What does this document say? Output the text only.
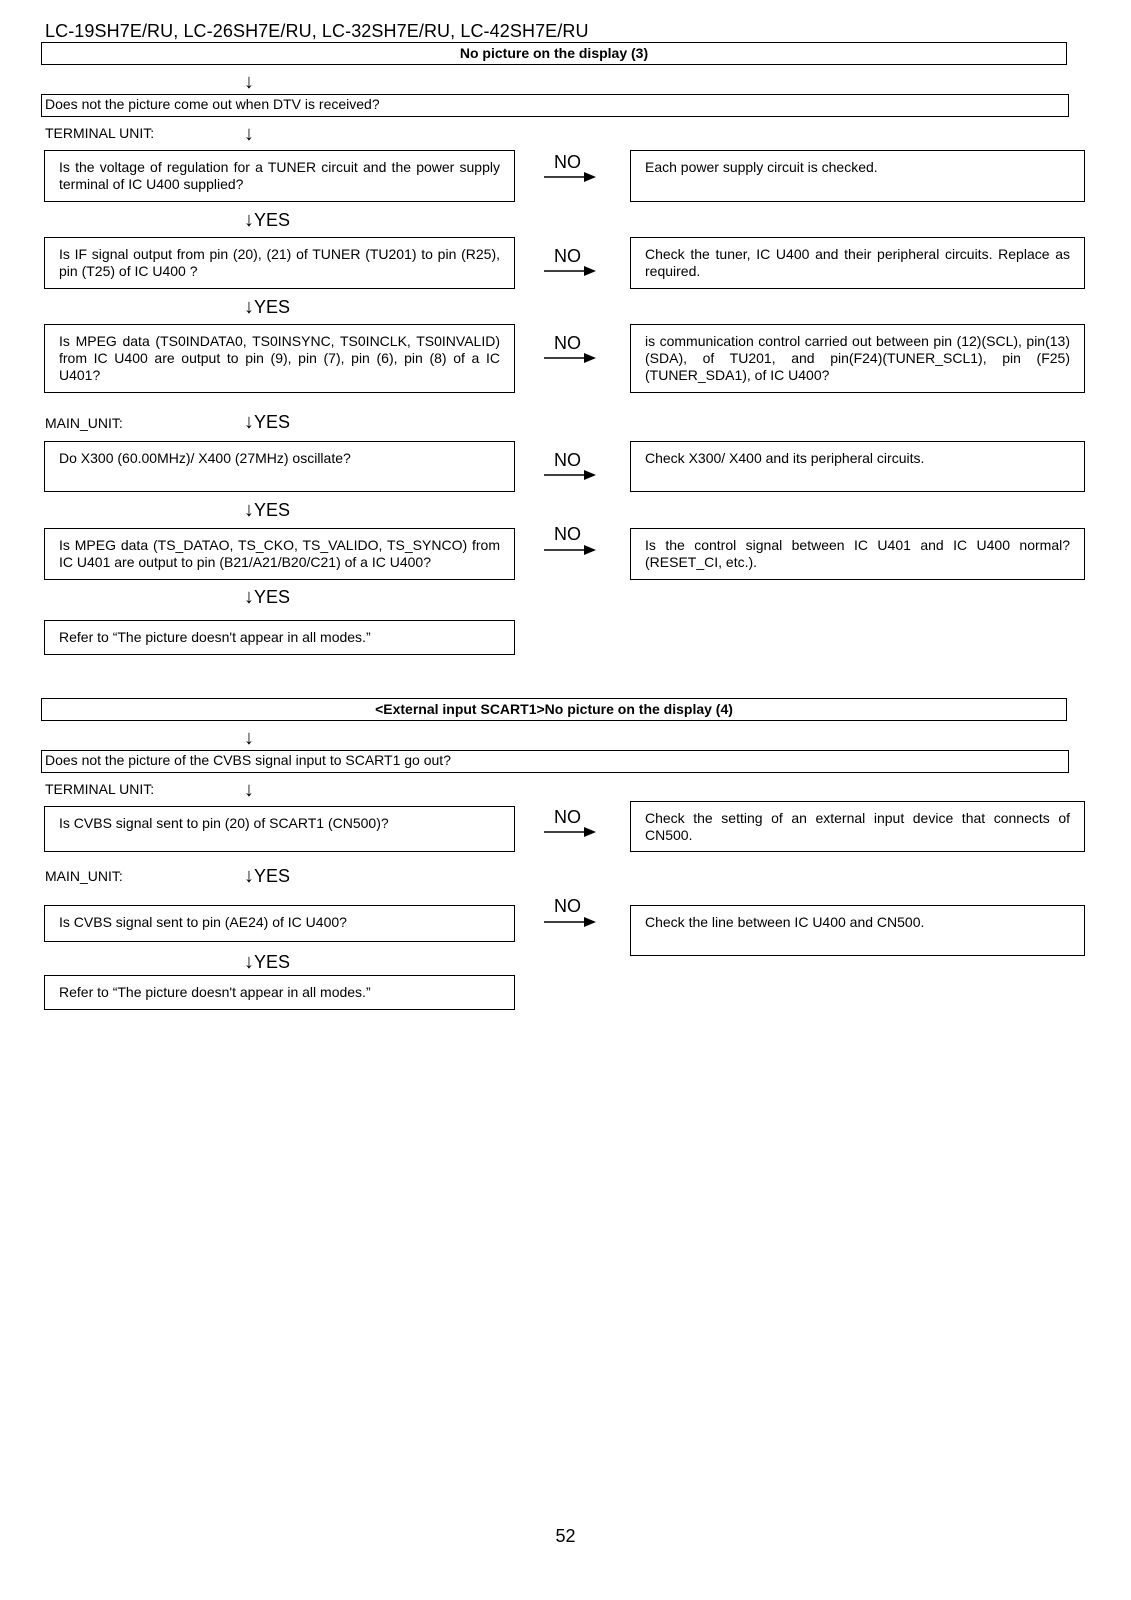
LC-19SH7E/RU, LC-26SH7E/RU, LC-32SH7E/RU, LC-42SH7E/RU
No picture on the display (3)
↓
Does not the picture come out when DTV is received?
TERMINAL UNIT:	↓
Is the voltage of regulation for a TUNER circuit and the power supply terminal of IC U400 supplied?
NO	Each power supply circuit is checked.
↓YES
Is IF signal output from pin (20), (21) of TUNER (TU201) to pin (R25), pin (T25) of IC U400 ?
NO	Check the tuner, IC U400 and their peripheral circuits. Replace as required.
↓YES
Is MPEG data (TS0INDATA0, TS0INSYNC, TS0INCLK, TS0INVALID) from IC U400 are output to pin (9), pin (7), pin (6), pin (8) of a IC U401?
NO	is communication control carried out between pin (12)(SCL), pin(13)(SDA), of TU201, and pin(F24)(TUNER_SCL1), pin (F25)(TUNER_SDA1), of IC U400?
MAIN_UNIT:	↓YES
Do X300 (60.00MHz)/ X400 (27MHz) oscillate?	NO	Check X300/ X400 and its peripheral circuits.
↓YES
Is MPEG data (TS_DATAO, TS_CKO, TS_VALIDO, TS_SYNCO) from IC U401 are output to pin (B21/A21/B20/C21) of a IC U400?
NO
Is the control signal between IC U401 and IC U400 normal? (RESET_CI, etc.).
↓YES
Refer to “The picture doesn't appear in all modes.”
<External input SCART1>No picture on the display (4)
↓
Does not the picture of the CVBS signal input to SCART1 go out?
TERMINAL UNIT:	↓
Is CVBS signal sent to pin (20) of SCART1 (CN500)?	NO	Check the setting of an external input device that connects of CN500.
MAIN_UNIT:	↓YES
Is CVBS signal sent to pin (AE24) of IC U400?
NO
Check the line between IC U400 and CN500.
↓YES
Refer to “The picture doesn't appear in all modes.”
52
